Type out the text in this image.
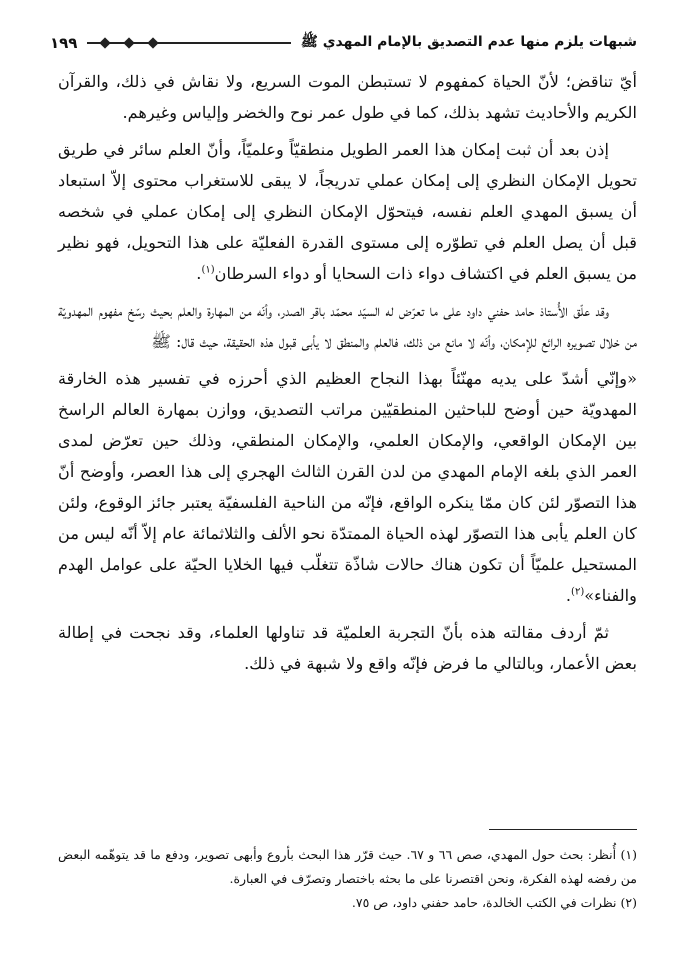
شبهات يلزم منها عدم التصديق بالإمام المهدي ﷺ
١٩٩

أيّ تناقض؛ لأنّ الحياة كمفهوم لا تستبطن الموت السريع، ولا نقاش في ذلك، والقرآن الكريم والأحاديث تشهد بذلك، كما في طول عمر نوح والخضر وإلياس وغيرهم.

إذن بعد أن ثبت إمكان هذا العمر الطويل منطقيّاً وعلميّاً، وأنّ العلم سائر في طريق تحويل الإمكان النظري إلى إمكان عملي تدريجاً، لا يبقى للاستغراب محتوى إلاّ استبعاد أن يسبق المهدي العلم نفسه، فيتحوّل الإمكان النظري إلى إمكان عملي في شخصه قبل أن يصل العلم في تطوّره إلى مستوى القدرة الفعليّة على هذا التحويل، فهو نظير من يسبق العلم في اكتشاف دواء ذات السحايا أو دواء السرطان$^{(١)}$.

وقد علّق الأُستاذ حامد حفني داود على ما تعرّض له السيّد محمّد باقر الصدر، وأنّه من المهارة والعلم بحيث رسّخ مفهوم المهدويّة من خلال تصويره الرائع للإمكان، وأنّه لا مانع من ذلك، فالعلم والمنطق لا يأبى قبول هذه الحقيقة، حيث قال: ﷺ

«وإنّي أشدّ على يديه مهنّئاً بهذا النجاح العظيم الذي أحرزه في تفسير هذه الخارقة المهدويّة حين أوضح للباحثين المنطقيّين مراتب التصديق، ووازن بمهارة العالم الراسخ بين الإمكان الواقعي، والإمكان العلمي، والإمكان المنطقي، وذلك حين تعرّض لمدى العمر الذي بلغه الإمام المهدي من لدن القرن الثالث الهجري إلى هذا العصر، وأوضح أنّ هذا التصوّر لئن كان ممّا ينكره الواقع، فإنّه من الناحية الفلسفيّة يعتبر جائز الوقوع، ولئن كان العلم يأبى هذا التصوّر لهذه الحياة الممتدّة نحو الألف والثلاثمائة عام إلاّ أنّه ليس من المستحيل علميّاً أن تكون هناك حالات شاذّة تتغلّب فيها الخلايا الحيّة على عوامل الهدم والفناء»$^{(٢)}$.

ثمّ أردف مقالته هذه بأنّ التجربة العلميّة قد تناولها العلماء، وقد نجحت في إطالة بعض الأعمار، وبالتالي ما فرض فإنّه واقع ولا شبهة في ذلك.

(١) أُنظر: بحث حول المهدي، صص ٦٦ و ٦٧. حيث قرّر هذا البحث بأروع وأبهى تصوير، ودفع ما قد يتوهّمه البعض من رفضه لهذه الفكرة، ونحن اقتصرنا على ما بحثه باختصار وتصرّف في العبارة.

(٢) نظرات في الكتب الخالدة، حامد حفني داود، ص ٧٥.
